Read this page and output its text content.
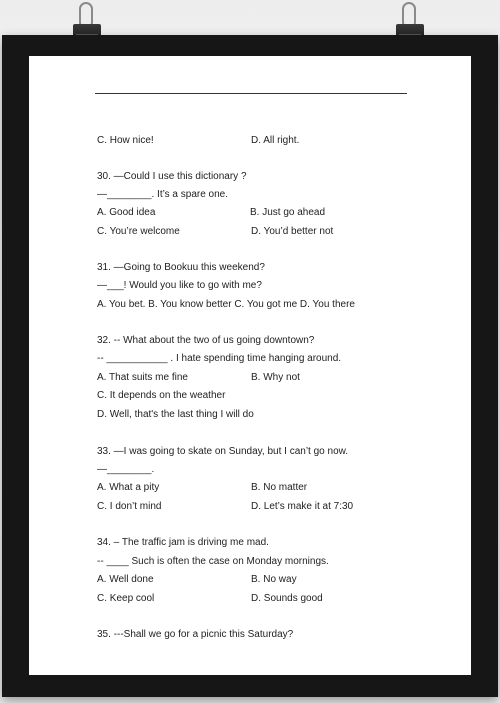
C. How nice!	D. All right.
30. —Could I use this dictionary ?
—________. It’s a spare one.
A. Good idea	B. Just go ahead
C. You’re welcome	D. You’d better not
31. —Going to Bookuu this weekend?
—___! Would you like to go with me?
A. You bet. B. You know better C. You got me D. You there
32. -- What about the two of us going downtown?
-- ___________ . I hate spending time hanging around.
A. That suits me fine	B. Why not
C. It depends on the weather
D. Well, that's the last thing I will do
33. —I was going to skate on Sunday, but I can’t go now.
—________.
A. What a pity	B. No matter
C. I don’t mind	D. Let’s make it at 7:30
34. – The traffic jam is driving me mad.
-- ____ Such is often the case on Monday mornings.
A. Well done	B. No way
C. Keep cool	D. Sounds good
35. ---Shall we go for a picnic this Saturday?
